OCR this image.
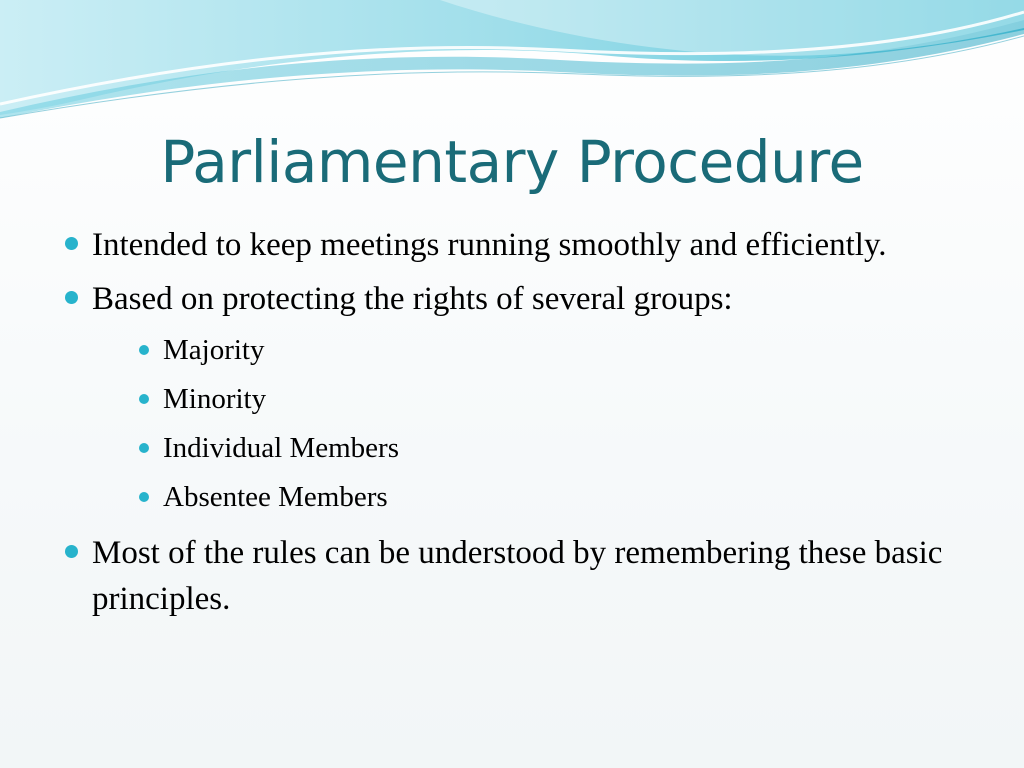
Parliamentary Procedure
Intended to keep meetings running smoothly and efficiently.
Based on protecting the rights of several groups:
Majority
Minority
Individual Members
Absentee Members
Most of the rules can be understood by remembering these basic principles.
